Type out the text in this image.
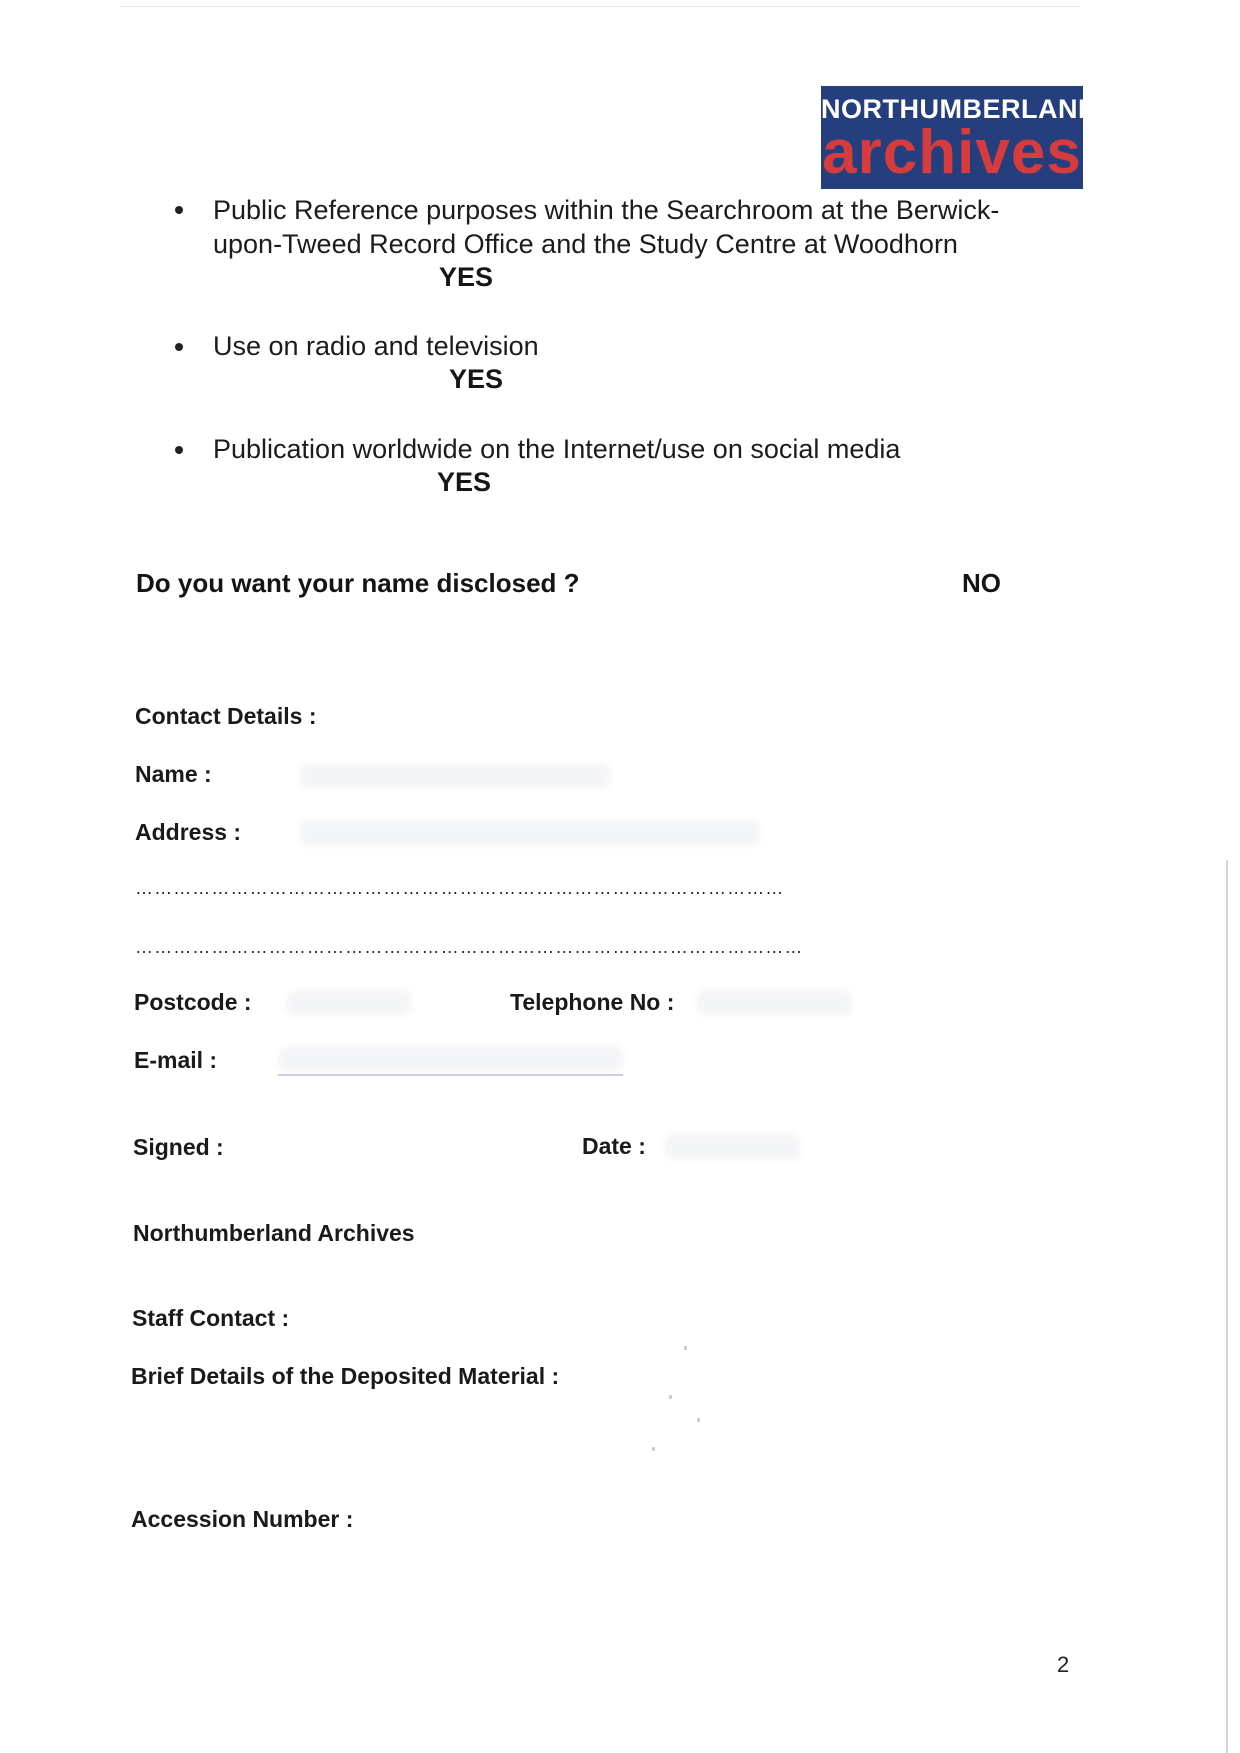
NORTHUMBERLAND
archives
Public Reference purposes within the Searchroom at the Berwick-
upon-Tweed Record Office and the Study Centre at Woodhorn
YES
Use on radio and television
YES
Publication worldwide on the Internet/use on social media
YES
Do you want your name disclosed ?	NO
Contact Details :
Name :
Address :
…………………………………………………………………………………………
……………………………………………………………………………………………
Postcode :	Telephone No :
E-mail :
Signed :	Date :
Northumberland Archives
Staff Contact :
Brief Details of the Deposited Material :
Accession Number :
2
